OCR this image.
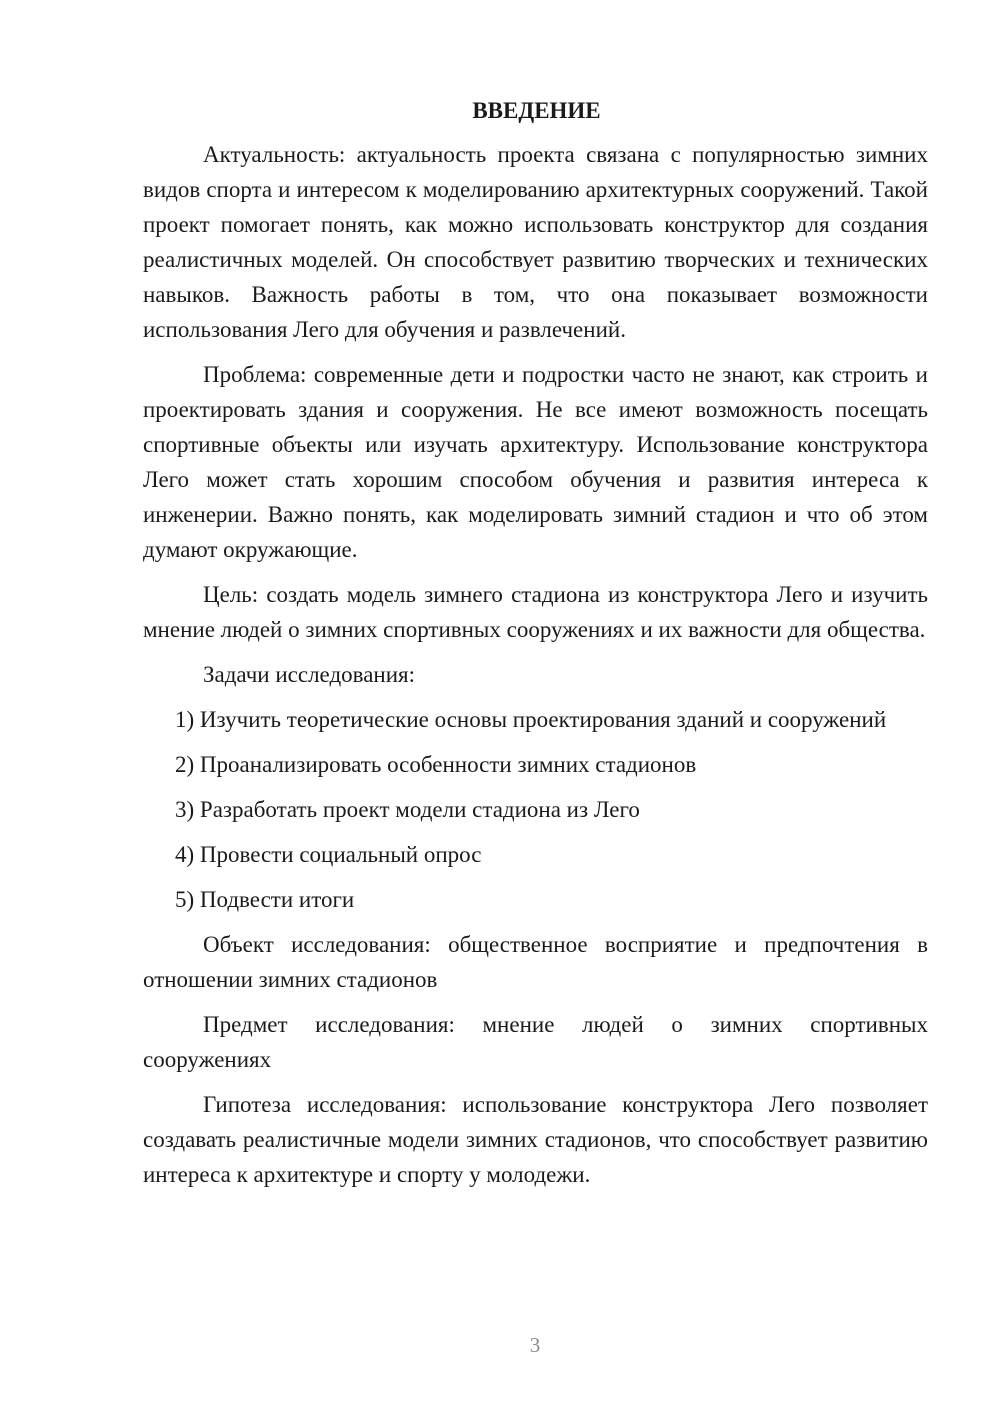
ВВЕДЕНИЕ

Актуальность: актуальность проекта связана с популярностью зимних видов спорта и интересом к моделированию архитектурных сооружений. Такой проект помогает понять, как можно использовать конструктор для создания реалистичных моделей. Он способствует развитию творческих и технических навыков. Важность работы в том, что она показывает возможности использования Лего для обучения и развлечений.

Проблема: современные дети и подростки часто не знают, как строить и проектировать здания и сооружения. Не все имеют возможность посещать спортивные объекты или изучать архитектуру. Использование конструктора Лего может стать хорошим способом обучения и развития интереса к инженерии. Важно понять, как моделировать зимний стадион и что об этом думают окружающие.

Цель: создать модель зимнего стадиона из конструктора Лего и изучить мнение людей о зимних спортивных сооружениях и их важности для общества.

Задачи исследования:

1) Изучить теоретические основы проектирования зданий и сооружений

2) Проанализировать особенности зимних стадионов

3) Разработать проект модели стадиона из Лего

4) Провести социальный опрос

5) Подвести итоги

Объект исследования: общественное восприятие и предпочтения в отношении зимних стадионов

Предмет исследования: мнение людей о зимних спортивных сооружениях

Гипотеза исследования: использование конструктора Лего позволяет создавать реалистичные модели зимних стадионов, что способствует развитию интереса к архитектуре и спорту у молодежи.

3
